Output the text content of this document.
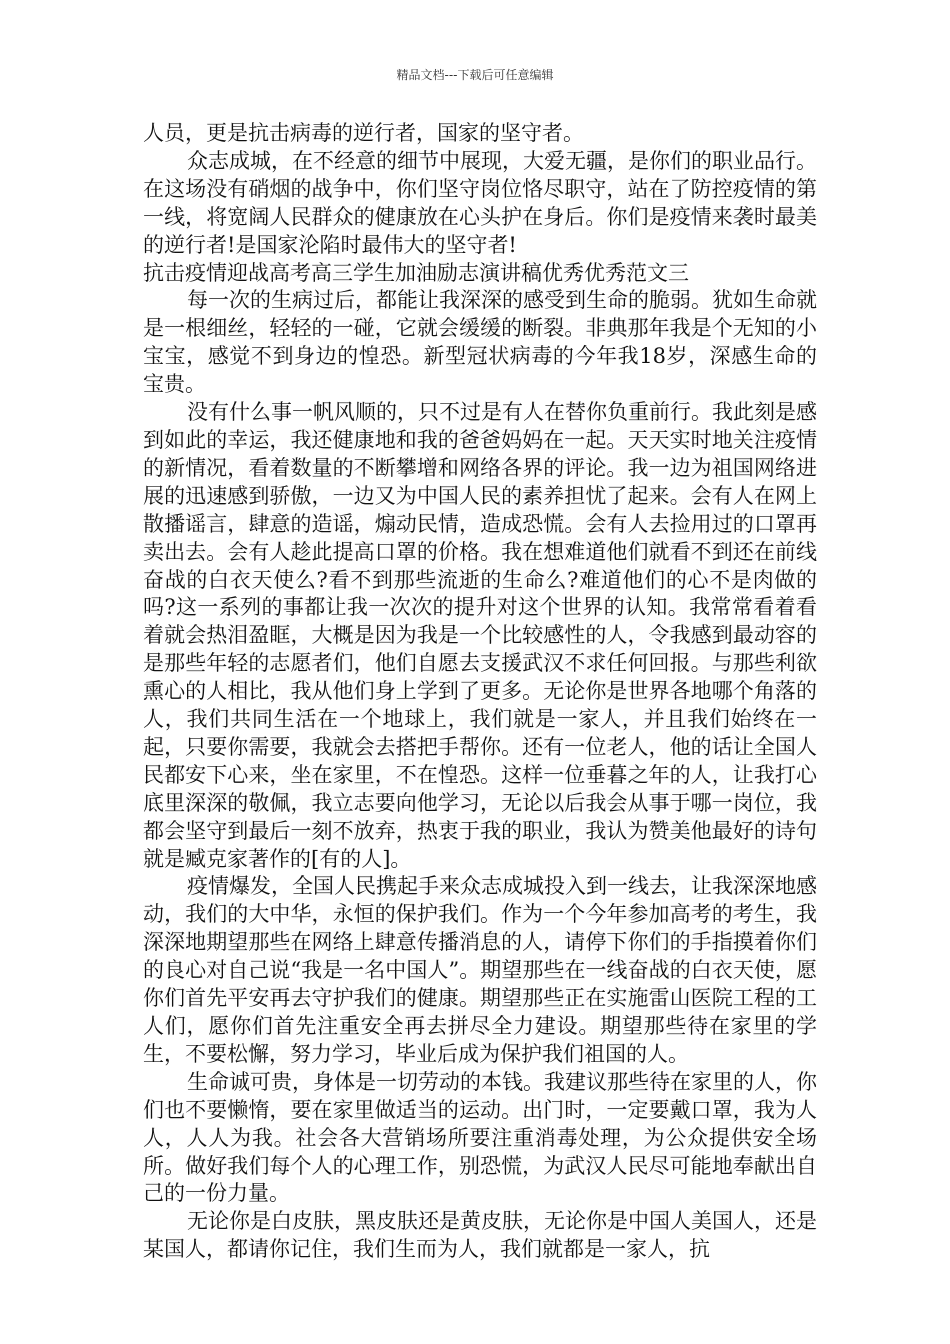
精品文档---下载后可任意编辑

人员，更是抗击病毒的逆行者，国家的坚守者。

众志成城，在不经意的细节中展现，大爱无疆，是你们的职业品行。在这场没有硝烟的战争中，你们坚守岗位恪尽职守，站在了防控疫情的第一线，将宽阔人民群众的健康放在心头护在身后。你们是疫情来袭时最美的逆行者!是国家沦陷时最伟大的坚守者!

抗击疫情迎战高考高三学生加油励志演讲稿优秀优秀范文三

每一次的生病过后，都能让我深深的感受到生命的脆弱。犹如生命就是一根细丝，轻轻的一碰，它就会缓缓的断裂。非典那年我是个无知的小宝宝，感觉不到身边的惶恐。新型冠状病毒的今年我18岁，深感生命的宝贵。

没有什么事一帆风顺的，只不过是有人在替你负重前行。我此刻是感到如此的幸运，我还健康地和我的爸爸妈妈在一起。天天实时地关注疫情的新情况，看着数量的不断攀增和网络各界的评论。我一边为祖国网络进展的迅速感到骄傲，一边又为中国人民的素养担忧了起来。会有人在网上散播谣言，肆意的造谣，煽动民情，造成恐慌。会有人去捡用过的口罩再卖出去。会有人趁此提高口罩的价格。我在想难道他们就看不到还在前线奋战的白衣天使么?看不到那些流逝的生命么?难道他们的心不是肉做的吗?这一系列的事都让我一次次的提升对这个世界的认知。我常常看着看着就会热泪盈眶，大概是因为我是一个比较感性的人，令我感到最动容的是那些年轻的志愿者们，他们自愿去支援武汉不求任何回报。与那些利欲熏心的人相比，我从他们身上学到了更多。无论你是世界各地哪个角落的人，我们共同生活在一个地球上，我们就是一家人，并且我们始终在一起，只要你需要，我就会去搭把手帮你。还有一位老人，他的话让全国人民都安下心来，坐在家里，不在惶恐。这样一位垂暮之年的人，让我打心底里深深的敬佩，我立志要向他学习，无论以后我会从事于哪一岗位，我都会坚守到最后一刻不放弃，热衷于我的职业，我认为赞美他最好的诗句就是臧克家著作的[有的人]。

疫情爆发，全国人民携起手来众志成城投入到一线去，让我深深地感动，我们的大中华，永恒的保护我们。作为一个今年参加高考的考生，我深深地期望那些在网络上肆意传播消息的人，请停下你们的手指摸着你们的良心对自己说“我是一名中国人”。期望那些在一线奋战的白衣天使，愿你们首先平安再去守护我们的健康。期望那些正在实施雷山医院工程的工人们，愿你们首先注重安全再去拼尽全力建设。期望那些待在家里的学生，不要松懈，努力学习，毕业后成为保护我们祖国的人。

生命诚可贵，身体是一切劳动的本钱。我建议那些待在家里的人，你们也不要懒惰，要在家里做适当的运动。出门时，一定要戴口罩，我为人人，人人为我。社会各大营销场所要注重消毒处理，为公众提供安全场所。做好我们每个人的心理工作，别恐慌，为武汉人民尽可能地奉献出自己的一份力量。

无论你是白皮肤，黑皮肤还是黄皮肤，无论你是中国人美国人，还是某国人，都请你记住，我们生而为人，我们就都是一家人，抗
